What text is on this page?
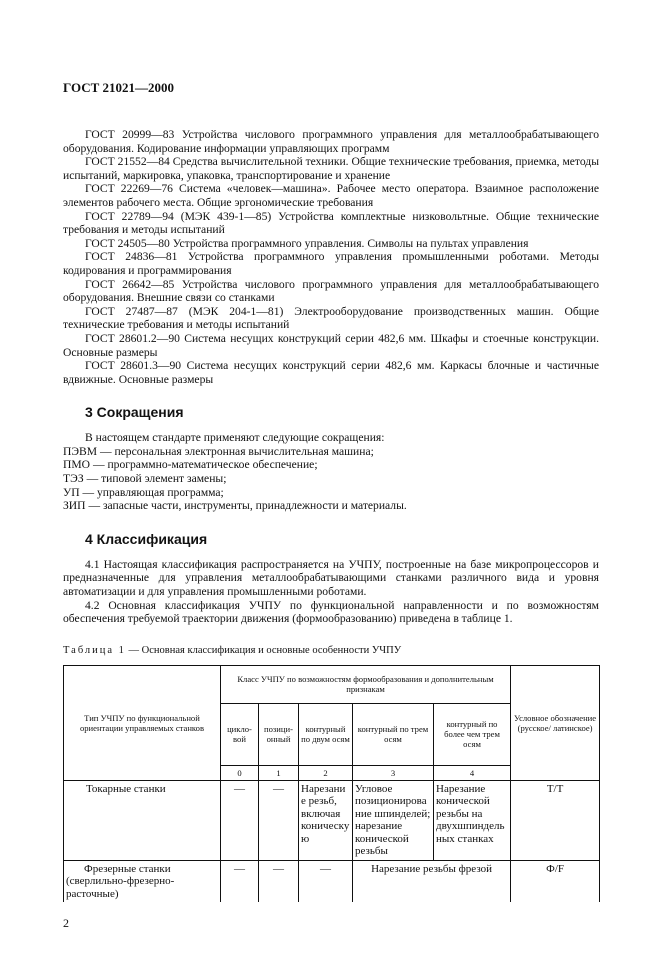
ГОСТ 21021—2000

ГОСТ 20999—83 Устройства числового программного управления для металлообрабатывающего оборудования. Кодирование информации управляющих программ

ГОСТ 21552—84 Средства вычислительной техники. Общие технические требования, приемка, методы испытаний, маркировка, упаковка, транспортирование и хранение

ГОСТ 22269—76 Система «человек—машина». Рабочее место оператора. Взаимное расположение элементов рабочего места. Общие эргономические требования

ГОСТ 22789—94 (МЭК 439-1—85) Устройства комплектные низковольтные. Общие технические требования и методы испытаний

ГОСТ 24505—80 Устройства программного управления. Символы на пультах управления

ГОСТ 24836—81 Устройства программного управления промышленными роботами. Методы кодирования и программирования

ГОСТ 26642—85 Устройства числового программного управления для металлообрабатывающего оборудования. Внешние связи со станками

ГОСТ 27487—87 (МЭК 204-1—81) Электрооборудование производственных машин. Общие технические требования и методы испытаний

ГОСТ 28601.2—90 Система несущих конструкций серии 482,6 мм. Шкафы и стоечные конструкции. Основные размеры

ГОСТ 28601.3—90 Система несущих конструкций серии 482,6 мм. Каркасы блочные и частичные вдвижные. Основные размеры

3 Сокращения

В настоящем стандарте применяют следующие сокращения:

ПЭВМ — персональная электронная вычислительная машина;

ПМО — программно-математическое обеспечение;

ТЭЗ — типовой элемент замены;

УП — управляющая программа;

ЗИП — запасные части, инструменты, принадлежности и материалы.

4 Классификация

4.1 Настоящая классификация распространяется на УЧПУ, построенные на базе микропроцессоров и предназначенные для управления металлообрабатывающими станками различного вида и уровня автоматизации и для управления промышленными роботами.

4.2 Основная классификация УЧПУ по функциональной направленности и по возможностям обеспечения требуемой траектории движения (формообразованию) приведена в таблице 1.

Таблица 1 — Основная классификация и основные особенности УЧПУ
Тип УЧПУ по функциональной ориентации управляемых станков	Класс УЧПУ по возможностям формообразования и дополнительным признакам					Условное обозначение (русское/ латинское)
	цикло-вой	позици-онный	контурный по двум осям	контурный по трем осям	контурный по более чем трем осям	
	0	1	2	3	4	
Токарные станки	—	—	Нарезание резьб, включая коническую	Угловое позиционирование шпинделей; нарезание конической резьбы	Нарезание конической резьбы на двухшпиндельных станках	Т/T
Фрезерные станки (сверлильно-фрезерно-расточные)	—	—	—	Нарезание резьбы фрезой		Ф/F
2
